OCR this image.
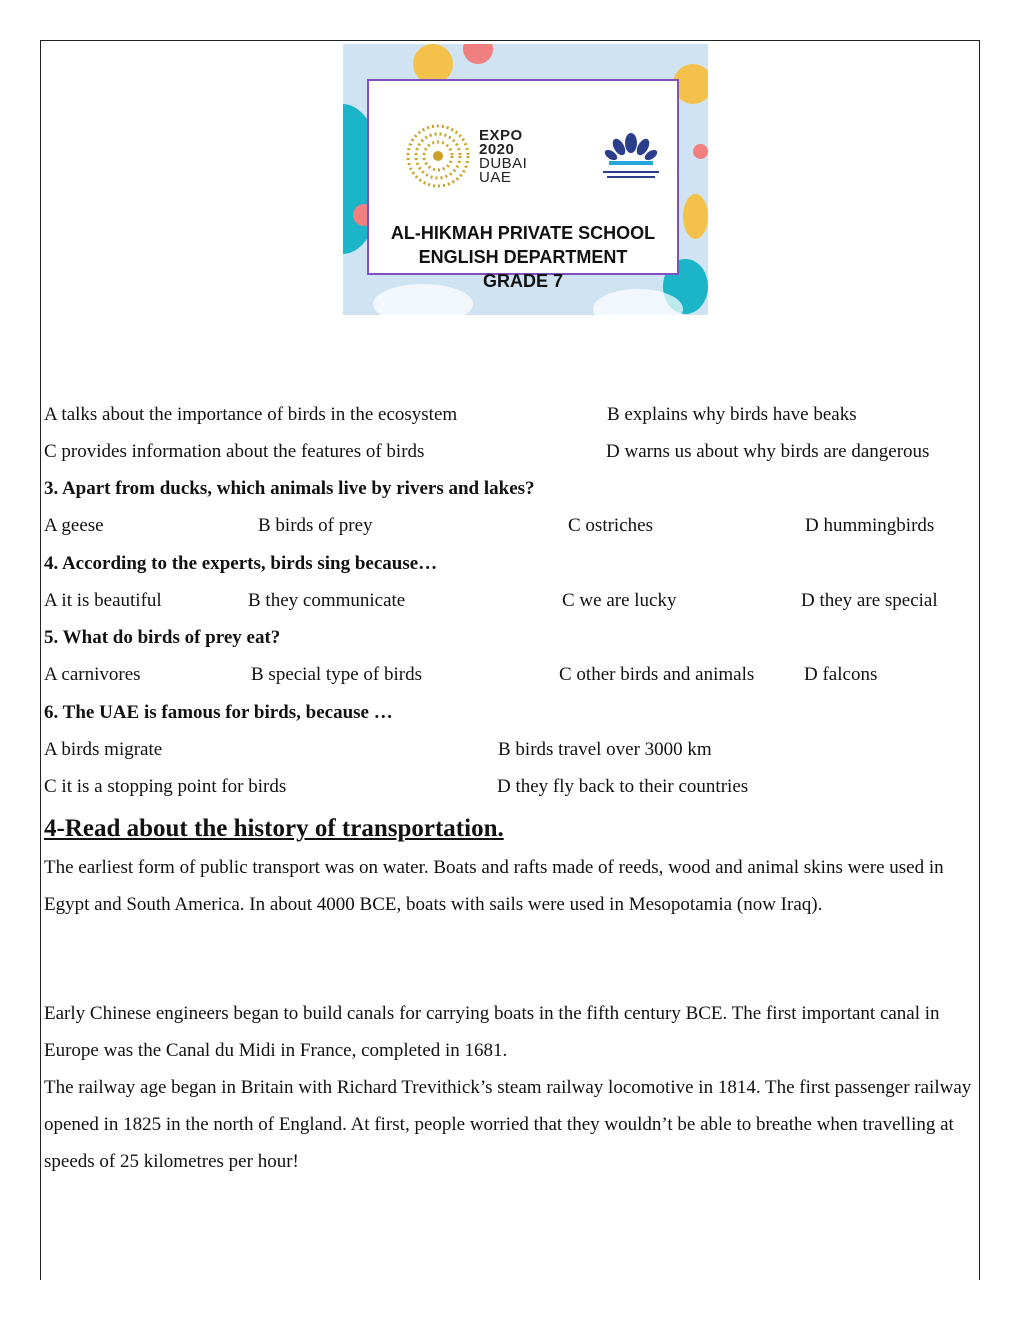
EXPO
2020
DUBAI
UAE
AL-HIKMAH PRIVATE SCHOOL
ENGLISH DEPARTMENT
GRADE 7
A talks about the importance of birds in the ecosystem	B explains why birds have beaks
C provides information about the features of birds	D warns us about why birds are dangerous
3. Apart from ducks, which animals live by rivers and lakes?
A geese	B birds of prey	C ostriches	D hummingbirds
4. According to the experts, birds sing because…
A it is beautiful	B they communicate	C we are lucky	D they are special
5. What do birds of prey eat?
A carnivores	B special type of birds	C other birds and animals	D falcons
6. The UAE is famous for birds, because …
A birds migrate	B birds travel over 3000 km
C it is a stopping point for birds	D they fly back to their countries
4-Read about the history of transportation.
The earliest form of public transport was on water. Boats and rafts made of reeds, wood and animal skins were used in Egypt and South America. In about 4000 BCE, boats with sails were used in Mesopotamia (now Iraq).
Early Chinese engineers began to build canals for carrying boats in the fifth century BCE. The first important canal in Europe was the Canal du Midi in France, completed in 1681.
The railway age began in Britain with Richard Trevithick’s steam railway locomotive in 1814. The first passenger railway opened in 1825 in the north of England. At first, people worried that they wouldn’t be able to breathe when travelling at speeds of 25 kilometres per hour!
